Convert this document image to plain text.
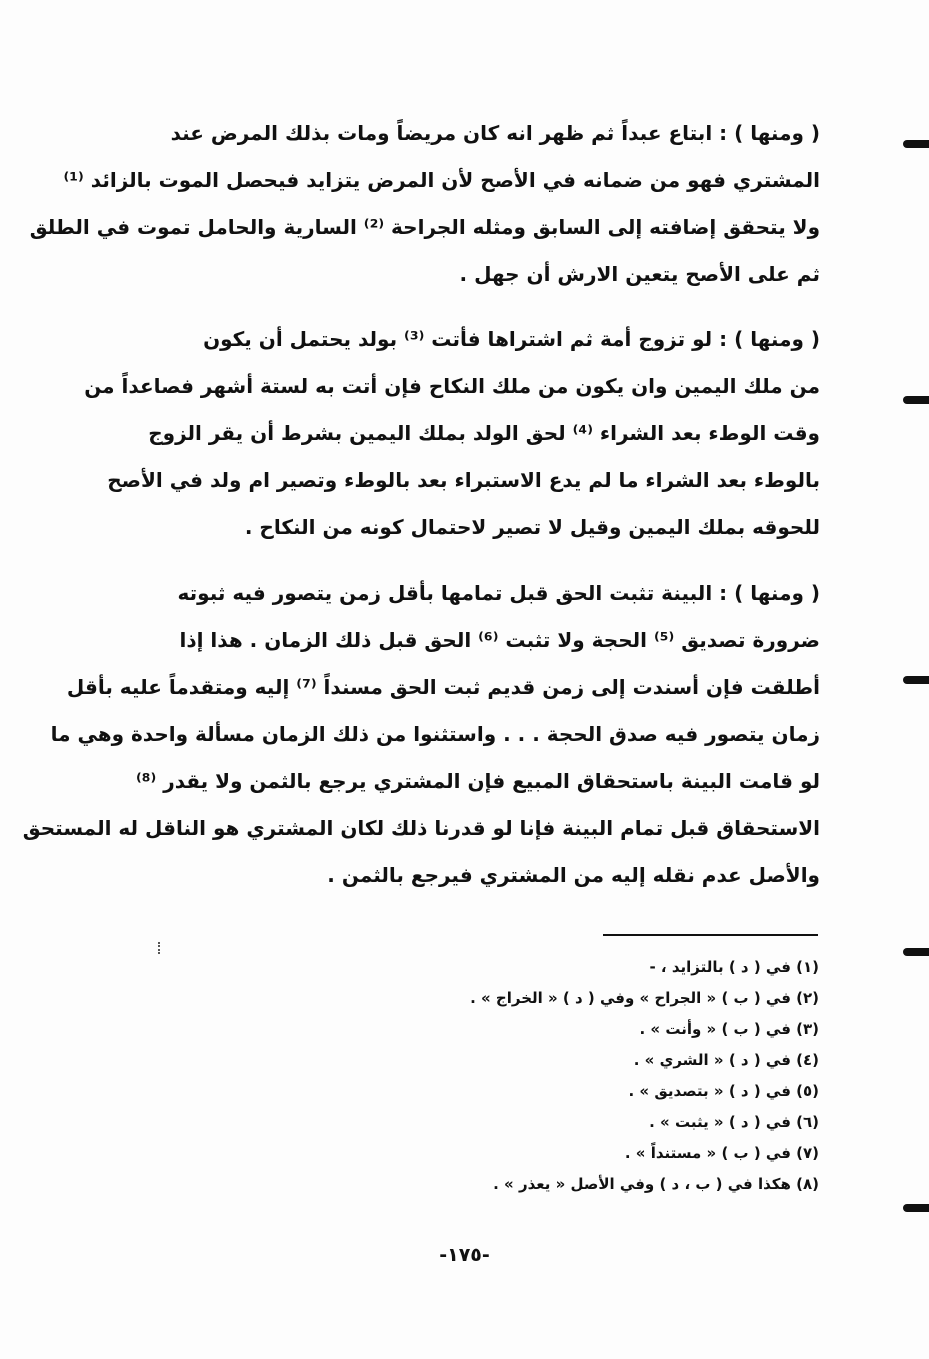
( ومنها ) : ابتاع عبداً ثم ظهر انه كان مريضاً ومات بذلك المرض عند
المشتري فهو من ضمانه في الأصح لأن المرض يتزايد فيحصل الموت بالزائد ⁽¹⁾
ولا يتحقق إضافته إلى السابق ومثله الجراحة ⁽²⁾ السارية والحامل تموت في الطلق
ثم على الأصح يتعين الارش أن جهل .
( ومنها ) : لو تزوج أمة ثم اشتراها فأتت ⁽³⁾ بولد يحتمل أن يكون
من ملك اليمين وان يكون من ملك النكاح فإن أتت به لستة أشهر فصاعداً من
وقت الوطء بعد الشراء ⁽⁴⁾ لحق الولد بملك اليمين بشرط أن يقر الزوج
بالوطء بعد الشراء ما لم يدع الاستبراء بعد بالوطء وتصير ام ولد في الأصح
للحوقه بملك اليمين وقيل لا تصير لاحتمال كونه من النكاح .
( ومنها ) : البينة تثبت الحق قبل تمامها بأقل زمن يتصور فيه ثبوته
ضرورة تصديق ⁽⁵⁾ الحجة ولا تثبت ⁽⁶⁾ الحق قبل ذلك الزمان . هذا إذا
أطلقت فإن أسندت إلى زمن قديم ثبت الحق مسنداً ⁽⁷⁾ إليه ومتقدماً عليه بأقل
زمان يتصور فيه صدق الحجة . . . واستثنوا من ذلك الزمان مسألة واحدة وهي ما
لو قامت البينة باستحقاق المبيع فإن المشتري يرجع بالثمن ولا يقدر ⁽⁸⁾
الاستحقاق قبل تمام البينة فإنا لو قدرنا ذلك لكان المشتري هو الناقل له المستحق
والأصل عدم نقله إليه من المشتري فيرجع بالثمن .
(١) في ( د ) بالتزايد ، -
(٢) في ( ب ) « الجراح » وفي ( د ) « الخراج » .
(٣) في ( ب ) « وأنت » .
(٤) في ( د ) « الشري » .
(٥) في ( د ) « بتصديق » .
(٦) في ( د ) « يثبت » .
(٧) في ( ب ) « مستنداً » .
(٨) هكذا في ( ب ، د ) وفي الأصل « يعذر » .
-١٧٥-
